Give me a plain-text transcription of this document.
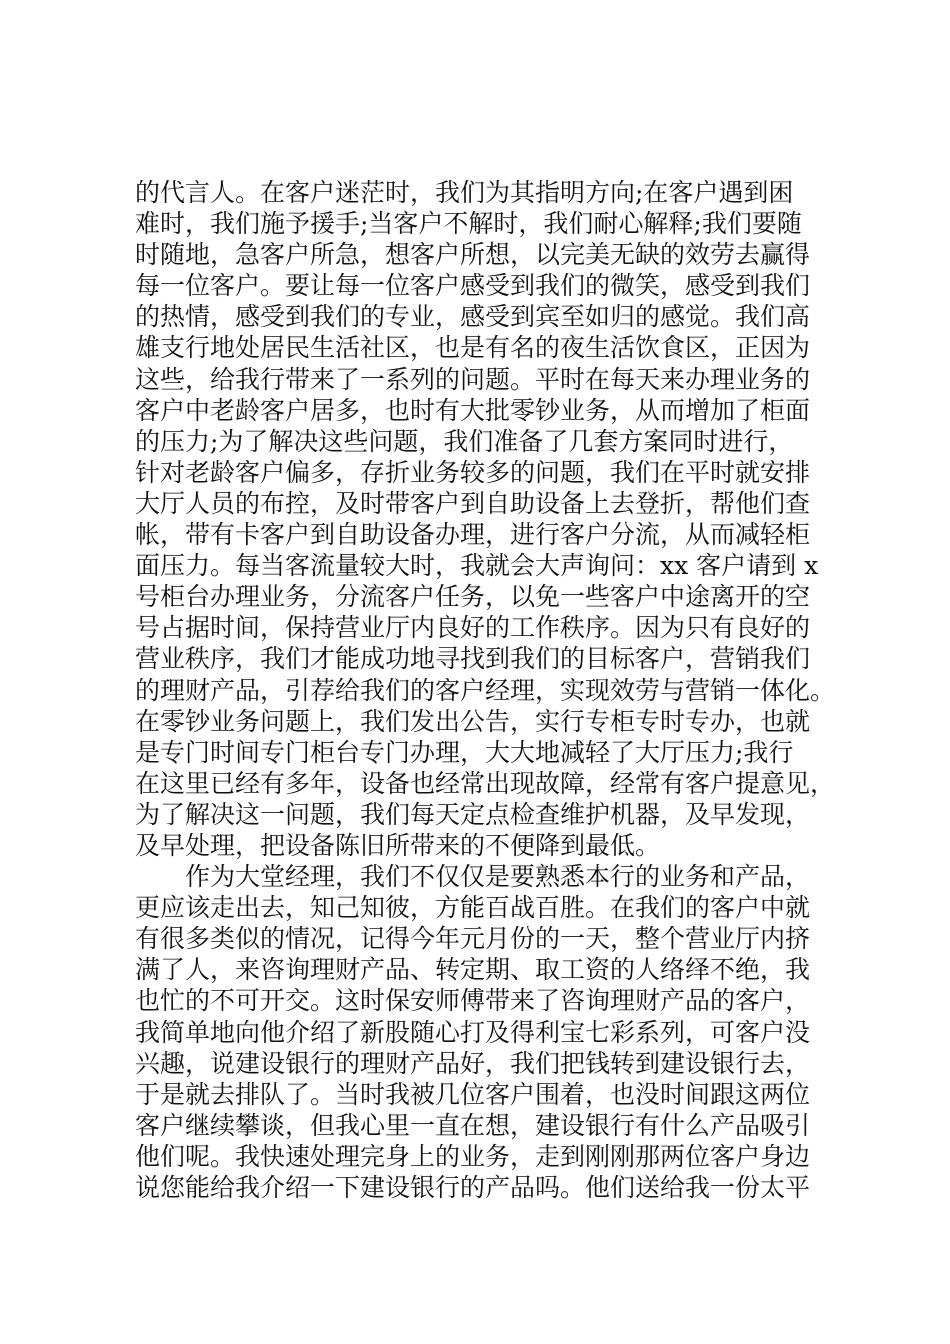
的代言人。在客户迷茫时，我们为其指明方向;在客户遇到困
难时，我们施予援手;当客户不解时，我们耐心解释;我们要随
时随地，急客户所急，想客户所想，以完美无缺的效劳去赢得
每一位客户。要让每一位客户感受到我们的微笑，感受到我们
的热情，感受到我们的专业，感受到宾至如归的感觉。我们高
雄支行地处居民生活社区，也是有名的夜生活饮食区，正因为
这些，给我行带来了一系列的问题。平时在每天来办理业务的
客户中老龄客户居多，也时有大批零钞业务，从而增加了柜面
的压力;为了解决这些问题，我们准备了几套方案同时进行，
针对老龄客户偏多，存折业务较多的问题，我们在平时就安排
大厅人员的布控，及时带客户到自助设备上去登折，帮他们查
帐，带有卡客户到自助设备办理，进行客户分流，从而减轻柜
面压力。每当客流量较大时，我就会大声询问：xx 客户请到 x
号柜台办理业务，分流客户任务，以免一些客户中途离开的空
号占据时间，保持营业厅内良好的工作秩序。因为只有良好的
营业秩序，我们才能成功地寻找到我们的目标客户，营销我们
的理财产品，引荐给我们的客户经理，实现效劳与营销一体化。
在零钞业务问题上，我们发出公告，实行专柜专时专办，也就
是专门时间专门柜台专门办理，大大地减轻了大厅压力;我行
在这里已经有多年，设备也经常出现故障，经常有客户提意见，
为了解决这一问题，我们每天定点检查维护机器，及早发现，
及早处理，把设备陈旧所带来的不便降到最低。
作为大堂经理，我们不仅仅是要熟悉本行的业务和产品，
更应该走出去，知己知彼，方能百战百胜。在我们的客户中就
有很多类似的情况，记得今年元月份的一天，整个营业厅内挤
满了人，来咨询理财产品、转定期、取工资的人络绎不绝，我
也忙的不可开交。这时保安师傅带来了咨询理财产品的客户，
我简单地向他介绍了新股随心打及得利宝七彩系列，可客户没
兴趣，说建设银行的理财产品好，我们把钱转到建设银行去，
于是就去排队了。当时我被几位客户围着，也没时间跟这两位
客户继续攀谈，但我心里一直在想，建设银行有什么产品吸引
他们呢。我快速处理完身上的业务，走到刚刚那两位客户身边
说您能给我介绍一下建设银行的产品吗。他们送给我一份太平
